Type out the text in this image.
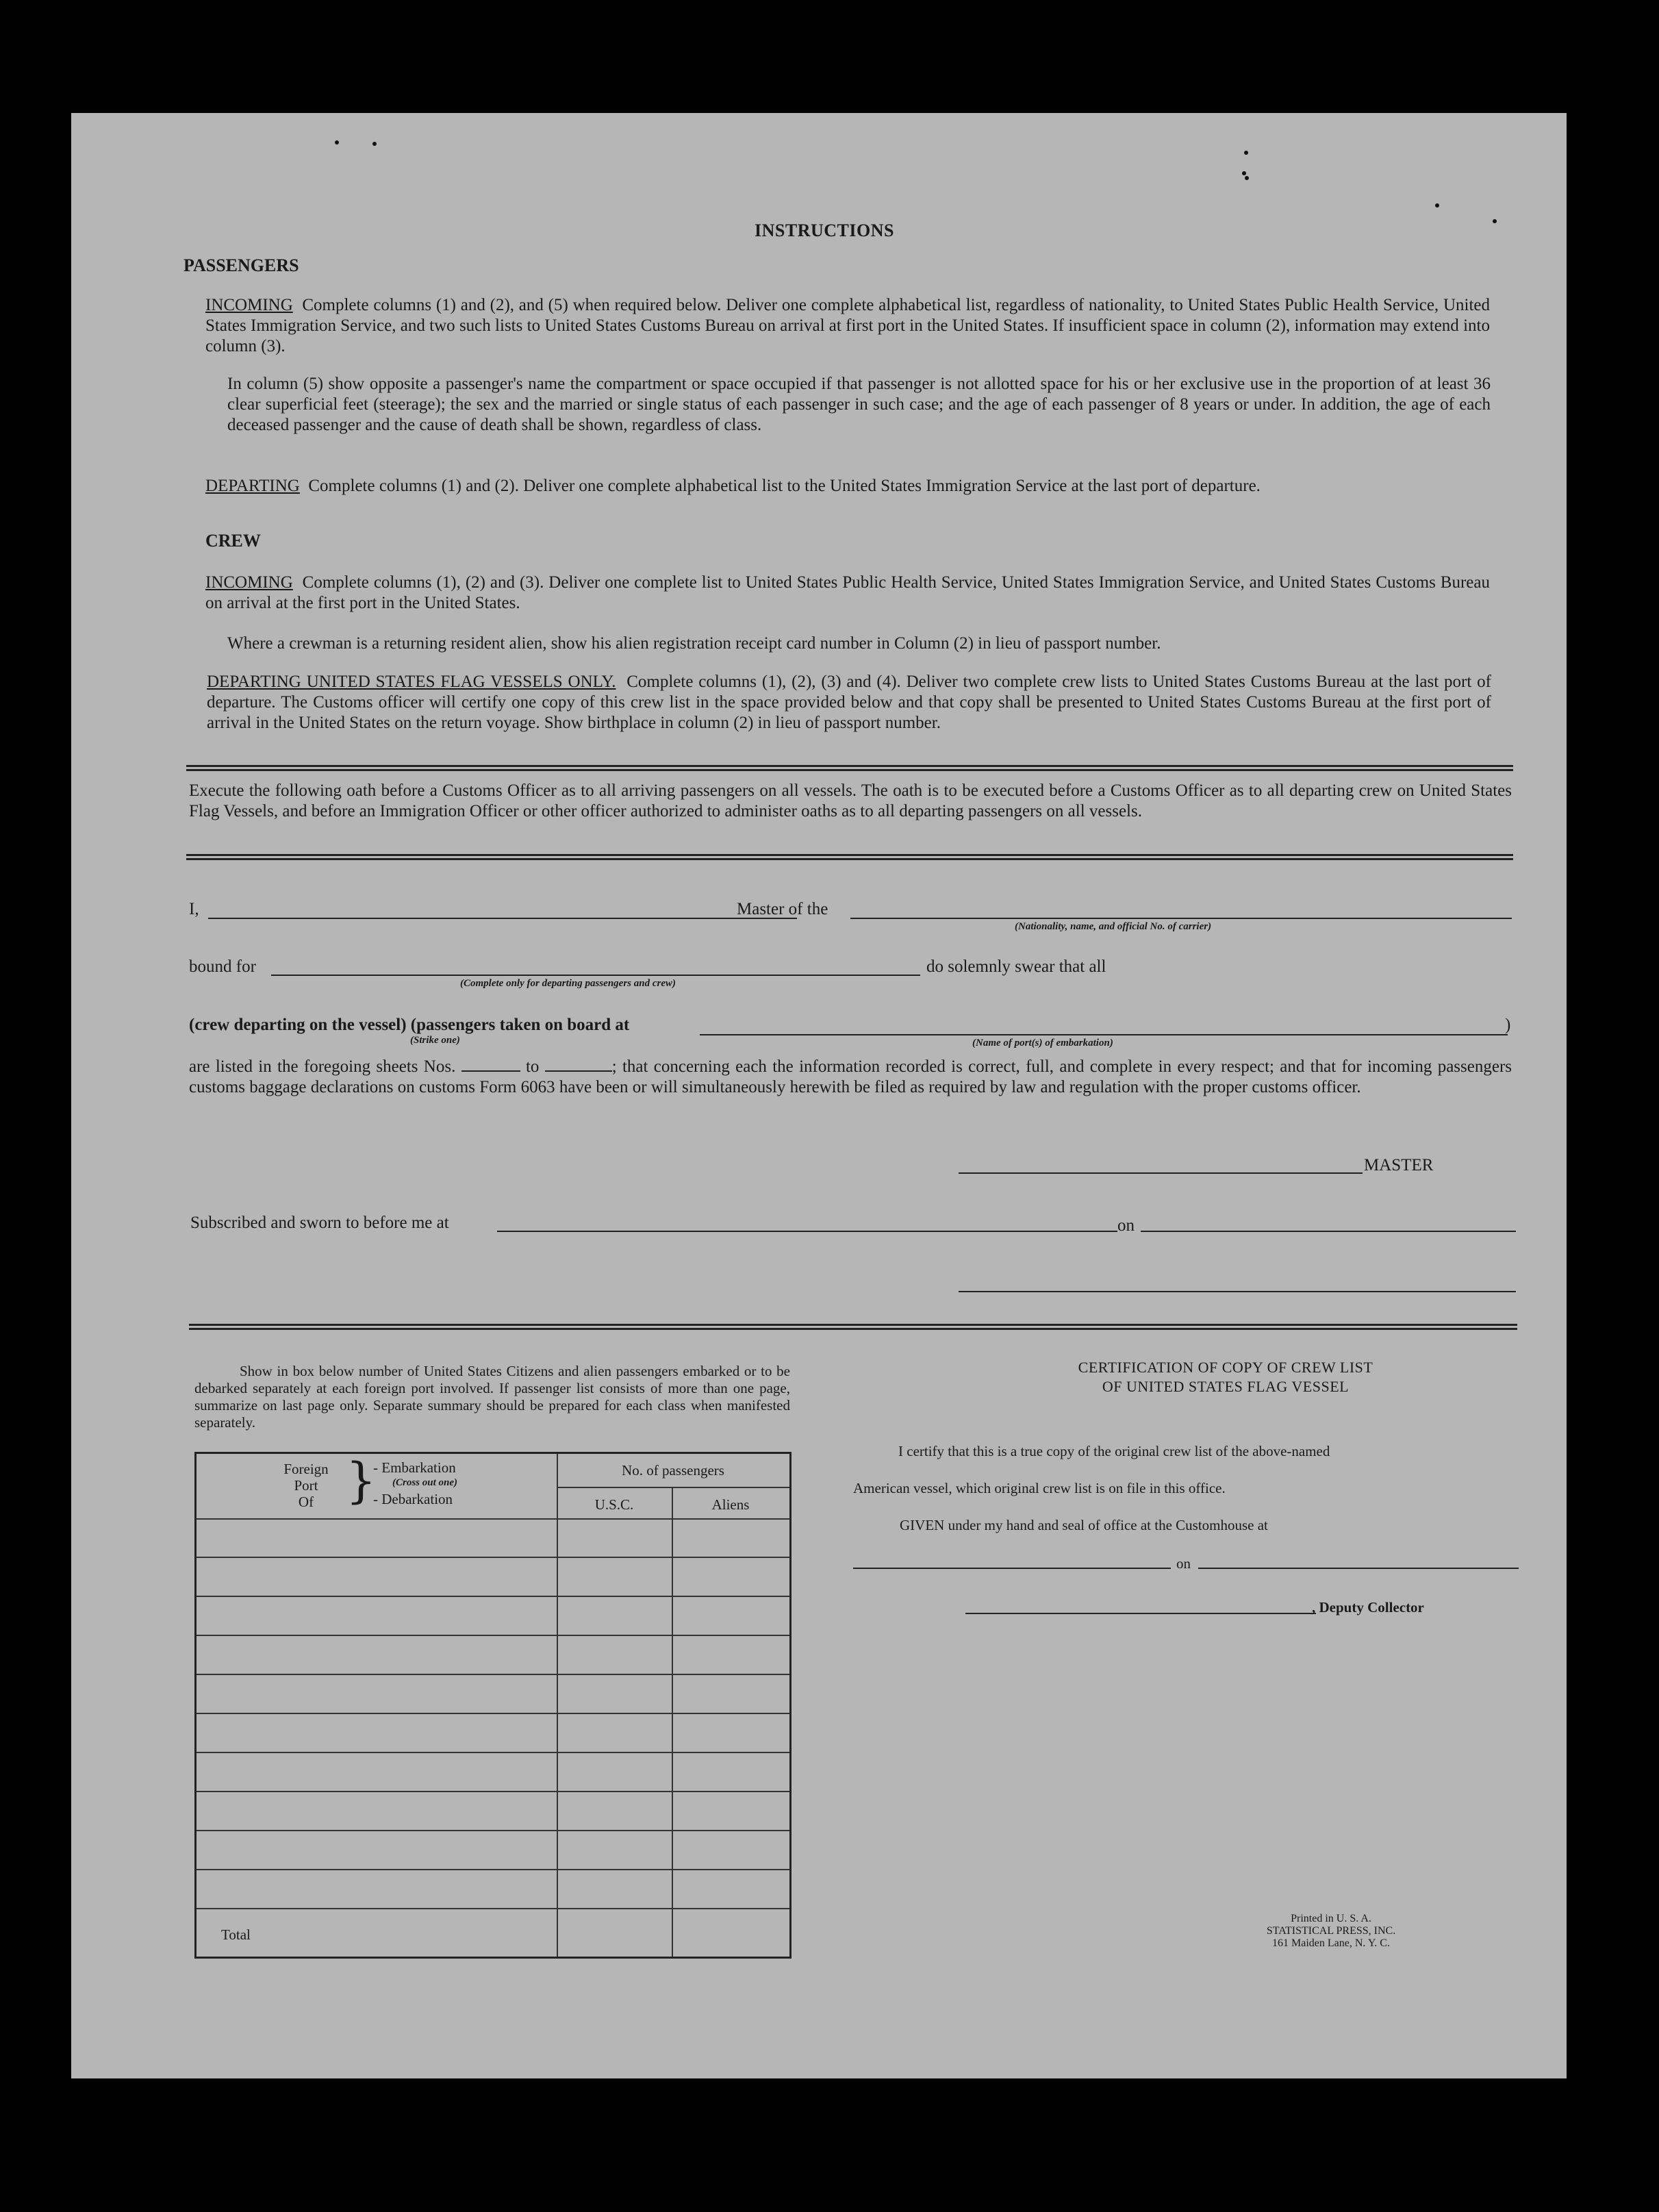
INSTRUCTIONS
PASSENGERS
INCOMING Complete columns (1) and (2), and (5) when required below. Deliver one complete alphabetical list, regardless of nationality, to United States Public Health Service, United States Immigration Service, and two such lists to United States Customs Bureau on arrival at first port in the United States. If insufficient space in column (2), information may extend into column (3).
In column (5) show opposite a passenger's name the compartment or space occupied if that passenger is not allotted space for his or her exclusive use in the proportion of at least 36 clear superficial feet (steerage); the sex and the married or single status of each passenger in such case; and the age of each passenger of 8 years or under. In addition, the age of each deceased passenger and the cause of death shall be shown, regardless of class.
DEPARTING Complete columns (1) and (2). Deliver one complete alphabetical list to the United States Immigration Service at the last port of departure.
CREW
INCOMING Complete columns (1), (2) and (3). Deliver one complete list to United States Public Health Service, United States Immigration Service, and United States Customs Bureau on arrival at the first port in the United States.
Where a crewman is a returning resident alien, show his alien registration receipt card number in Column (2) in lieu of passport number.
DEPARTING UNITED STATES FLAG VESSELS ONLY. Complete columns (1), (2), (3) and (4). Deliver two complete crew lists to United States Customs Bureau at the last port of departure. The Customs officer will certify one copy of this crew list in the space provided below and that copy shall be presented to United States Customs Bureau at the first port of arrival in the United States on the return voyage. Show birthplace in column (2) in lieu of passport number.
Execute the following oath before a Customs Officer as to all arriving passengers on all vessels. The oath is to be executed before a Customs Officer as to all departing crew on United States Flag Vessels, and before an Immigration Officer or other officer authorized to administer oaths as to all departing passengers on all vessels.
I,	Master of the
(Nationality, name, and official No. of carrier)
bound for
(Complete only for departing passengers and crew)
do solemnly swear that all
(crew departing on the vessel) (passengers taken on board at
(Strike one)
)
(Name of port(s) of embarkation)
are listed in the foregoing sheets Nos.	to	; that concerning each the information recorded is correct, full, and complete in every respect; and that for incoming passengers customs baggage declarations on customs Form 6063 have been or will simultaneously herewith be filed as required by law and regulation with the proper customs officer.
MASTER
Subscribed and sworn to before me at	on
Show in box below number of United States Citizens and alien passengers embarked or to be debarked separately at each foreign port involved. If passenger list consists of more than one page, summarize on last page only. Separate summary should be prepared for each class when manifested separately.
Foreign
Port
Of }
- Embarkation
(Cross out one)
- Debarkation
No. of passengers
U.S.C.	Aliens
Total
CERTIFICATION OF COPY OF CREW LIST
OF UNITED STATES FLAG VESSEL
I certify that this is a true copy of the original crew list of the above-named
American vessel, which original crew list is on file in this office.
GIVEN under my hand and seal of office at the Customhouse at
on
, Deputy Collector
Printed in U. S. A.
STATISTICAL PRESS, INC.
161 Maiden Lane, N. Y. C.
